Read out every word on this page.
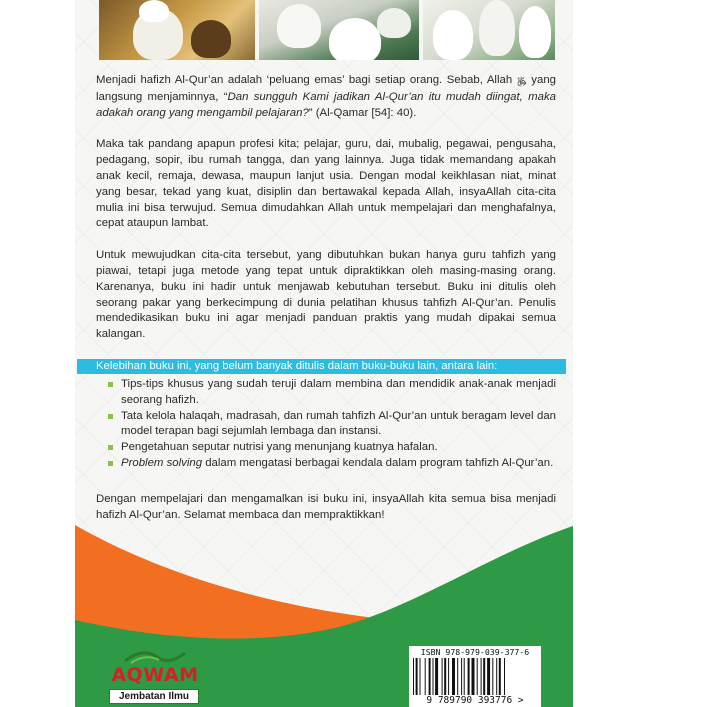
Menjadi hafizh Al-Qur’an adalah ‘peluang emas’ bagi setiap orang. Sebab, Allah ﷿ yang langsung menjaminnya, “Dan sungguh Kami jadikan Al-Qur’an itu mudah diingat, maka adakah orang yang mengambil pelajaran?” (Al-Qamar [54]: 40).

Maka tak pandang apapun profesi kita; pelajar, guru, dai, mubalig, pegawai, pengusaha, pedagang, sopir, ibu rumah tangga, dan yang lainnya. Juga tidak memandang apakah anak kecil, remaja, dewasa, maupun lanjut usia. Dengan modal keikhlasan niat, minat yang besar, tekad yang kuat, disiplin dan bertawakal kepada Allah, insyaAllah cita-cita mulia ini bisa terwujud. Semua dimudahkan Allah untuk mempelajari dan menghafalnya, cepat ataupun lambat.

Untuk mewujudkan cita-cita tersebut, yang dibutuhkan bukan hanya guru tahfizh yang piawai, tetapi juga metode yang tepat untuk dipraktikkan oleh masing-masing orang. Karenanya, buku ini hadir untuk menjawab kebutuhan tersebut. Buku ini ditulis oleh seorang pakar yang berkecimpung di dunia pelatihan khusus tahfizh Al-Qur’an. Penulis mendedikasikan buku ini agar menjadi panduan praktis yang mudah dipakai semua kalangan.

Kelebihan buku ini, yang belum banyak ditulis dalam buku-buku lain, antara lain:
Tips-tips khusus yang sudah teruji dalam membina dan mendidik anak-anak menjadi seorang hafizh.
Tata kelola halaqah, madrasah, dan rumah tahfizh Al-Qur’an untuk beragam level dan model terapan bagi sejumlah lembaga dan instansi.
Pengetahuan seputar nutrisi yang menunjang kuatnya hafalan.
Problem solving dalam mengatasi berbagai kendala dalam program tahfizh Al-Qur’an.

Dengan mempelajari dan mengamalkan isi buku ini, insyaAllah kita semua bisa menjadi hafizh Al-Qur’an. Selamat membaca dan mempraktikkan!

AQWAM
Jembatan Ilmu
ISBN 978-979-039-377-6
9 789790 393776 >
